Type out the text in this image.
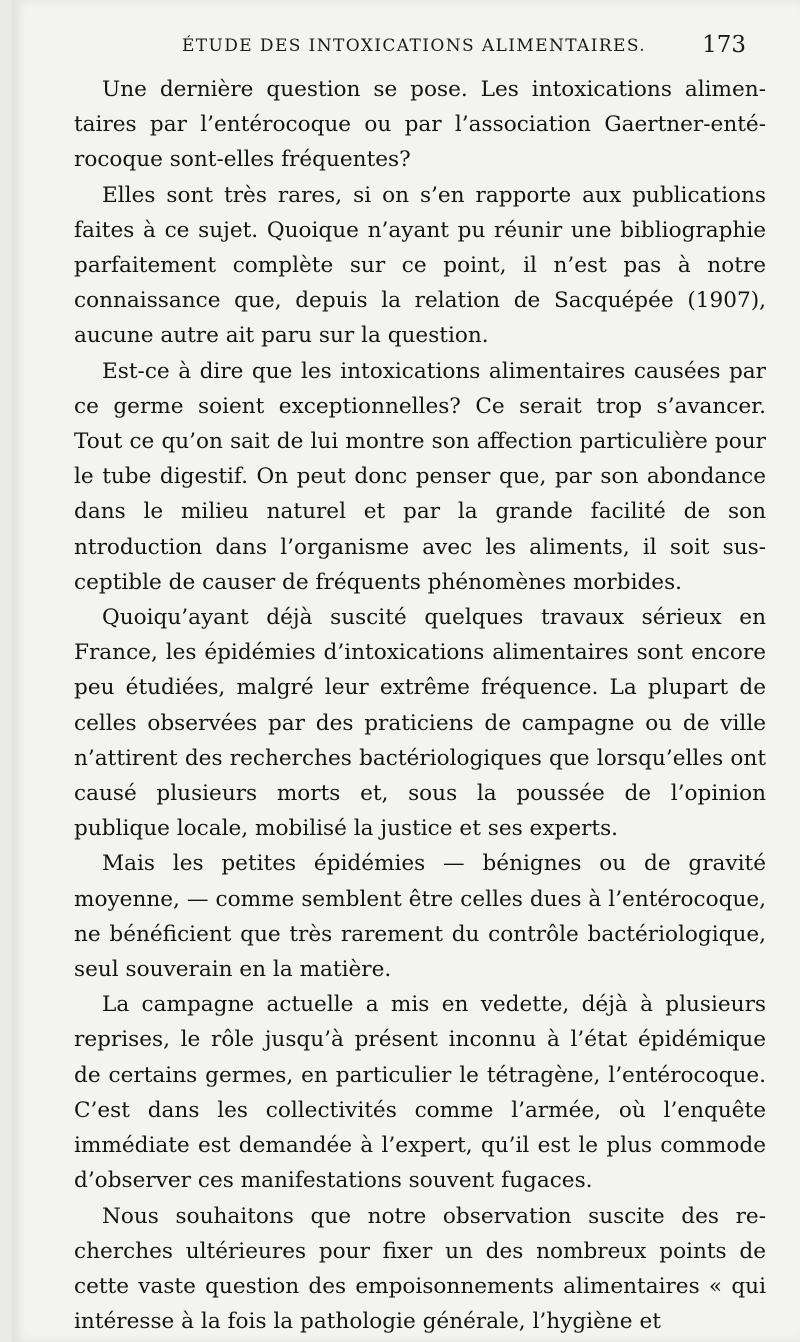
ÉTUDE DES INTOXICATIONS ALIMENTAIRES. 173

Une dernière question se pose. Les intoxications alimentaires par l’entérocoque ou par l’association Gaertner-entérocoque sont-elles fréquentes?

Elles sont très rares, si on s’en rapporte aux publications faites à ce sujet. Quoique n’ayant pu réunir une bibliographie parfaitement complète sur ce point, il n’est pas à notre connaissance que, depuis la relation de Sacquépée (1907), aucune autre ait paru sur la question.

Est-ce à dire que les intoxications alimentaires causées par ce germe soient exceptionnelles? Ce serait trop s’avancer. Tout ce qu’on sait de lui montre son affection particulière pour le tube digestif. On peut donc penser que, par son abondance dans le milieu naturel et par la grande facilité de son ntroduction dans l’organisme avec les aliments, il soit susceptible de causer de fréquents phénomènes morbides.

Quoiqu’ayant déjà suscité quelques travaux sérieux en France, les épidémies d’intoxications alimentaires sont encore peu étudiées, malgré leur extrême fréquence. La plupart de celles observées par des praticiens de campagne ou de ville n’attirent des recherches bactériologiques que lorsqu’elles ont causé plusieurs morts et, sous la poussée de l’opinion publique locale, mobilisé la justice et ses experts.

Mais les petites épidémies — bénignes ou de gravité moyenne, — comme semblent être celles dues à l’entérocoque, ne bénéficient que très rarement du contrôle bactériologique, seul souverain en la matière.

La campagne actuelle a mis en vedette, déjà à plusieurs reprises, le rôle jusqu’à présent inconnu à l’état épidémique de certains germes, en particulier le tétragène, l’entérocoque. C’est dans les collectivités comme l’armée, où l’enquête immédiate est demandée à l’expert, qu’il est le plus commode d’observer ces manifestations souvent fugaces.

Nous souhaitons que notre observation suscite des recherches ultérieures pour fixer un des nombreux points de cette vaste question des empoisonnements alimentaires « qui intéresse à la fois la pathologie générale, l’hygiène et
